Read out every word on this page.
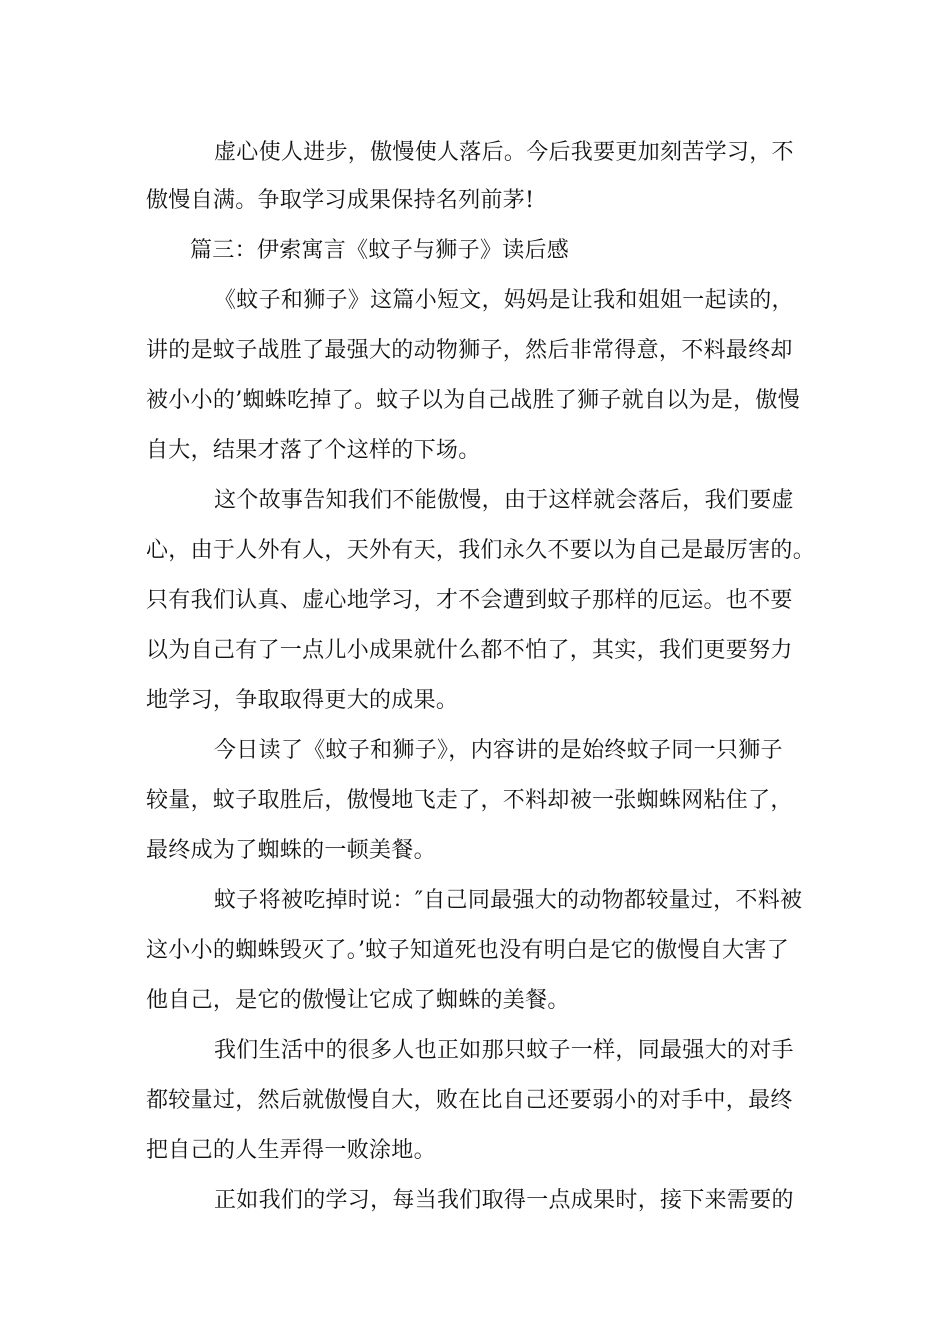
虚心使人进步，傲慢使人落后。今后我要更加刻苦学习，不
傲慢自满。争取学习成果保持名列前茅!
篇三：伊索寓言《蚊子与狮子》读后感
《蚊子和狮子》这篇小短文，妈妈是让我和姐姐一起读的，
讲的是蚊子战胜了最强大的动物狮子，然后非常得意，不料最终却
被小小的’蜘蛛吃掉了。蚊子以为自己战胜了狮子就自以为是，傲慢
自大，结果才落了个这样的下场。
这个故事告知我们不能傲慢，由于这样就会落后，我们要虚
心，由于人外有人，天外有天，我们永久不要以为自己是最厉害的。
只有我们认真、虚心地学习，才不会遭到蚊子那样的厄运。也不要
以为自己有了一点儿小成果就什么都不怕了，其实，我们更要努力
地学习，争取取得更大的成果。
今日读了《蚊子和狮子》，内容讲的是始终蚊子同一只狮子
较量，蚊子取胜后，傲慢地飞走了，不料却被一张蜘蛛网粘住了，
最终成为了蜘蛛的一顿美餐。
蚊子将被吃掉时说：″自己同最强大的动物都较量过，不料被
这小小的蜘蛛毁灭了。’蚊子知道死也没有明白是它的傲慢自大害了
他自己，是它的傲慢让它成了蜘蛛的美餐。
我们生活中的很多人也正如那只蚊子一样，同最强大的对手
都较量过，然后就傲慢自大，败在比自己还要弱小的对手中，最终
把自己的人生弄得一败涂地。
正如我们的学习，每当我们取得一点成果时，接下来需要的
